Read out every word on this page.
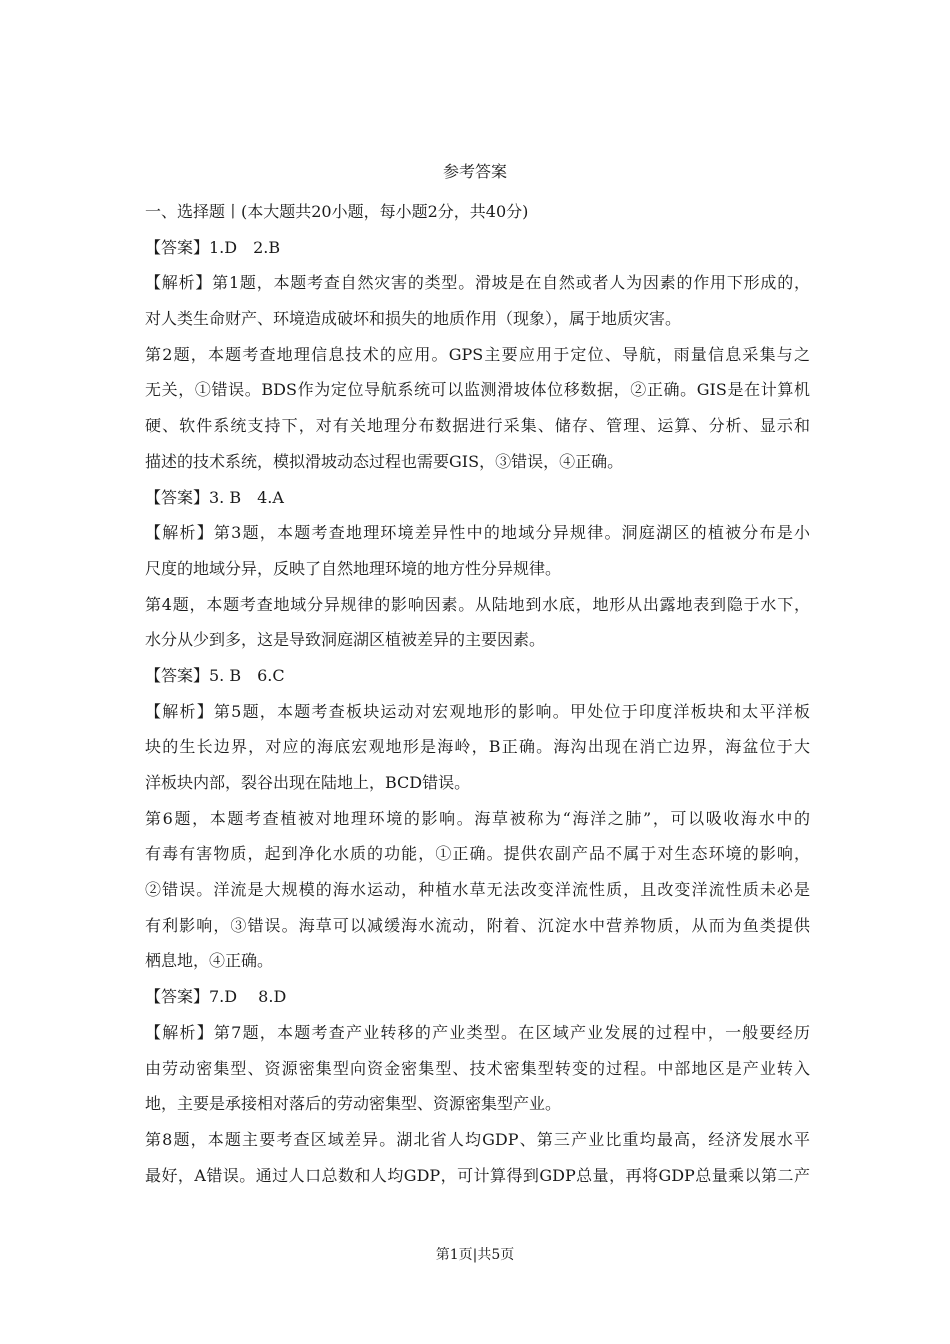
参考答案
一、选择题丨(本大题共20小题，每小题2分，共40分)
【答案】1.D　2.B
【解析】第1题，本题考查自然灾害的类型。滑坡是在自然或者人为因素的作用下形成的，
对人类生命财产、环境造成破坏和损失的地质作用（现象），属于地质灾害。
第2题，本题考查地理信息技术的应用。GPS主要应用于定位、导航，雨量信息采集与之
无关，①错误。BDS作为定位导航系统可以监测滑坡体位移数据，②正确。GIS是在计算机
硬、软件系统支持下，对有关地理分布数据进行采集、储存、管理、运算、分析、显示和
描述的技术系统，模拟滑坡动态过程也需要GIS，③错误，④正确。
【答案】3. B　4.A
【解析】第3题，本题考查地理环境差异性中的地域分异规律。洞庭湖区的植被分布是小
尺度的地域分异，反映了自然地理环境的地方性分异规律。
第4题，本题考查地域分异规律的影响因素。从陆地到水底，地形从出露地表到隐于水下，
水分从少到多，这是导致洞庭湖区植被差异的主要因素。
【答案】5. B　6.C
【解析】第5题，本题考查板块运动对宏观地形的影响。甲处位于印度洋板块和太平洋板
块的生长边界，对应的海底宏观地形是海岭，B正确。海沟出现在消亡边界，海盆位于大
洋板块内部，裂谷出现在陆地上，BCD错误。
第6题，本题考查植被对地理环境的影响。海草被称为“海洋之肺”，可以吸收海水中的
有毒有害物质，起到净化水质的功能，①正确。提供农副产品不属于对生态环境的影响，
②错误。洋流是大规模的海水运动，种植水草无法改变洋流性质，且改变洋流性质未必是
有利影响，③错误。海草可以减缓海水流动，附着、沉淀水中营养物质，从而为鱼类提供
栖息地，④正确。
【答案】7.D　 8.D
【解析】第7题，本题考查产业转移的产业类型。在区域产业发展的过程中，一般要经历
由劳动密集型、资源密集型向资金密集型、技术密集型转变的过程。中部地区是产业转入
地，主要是承接相对落后的劳动密集型、资源密集型产业。
第8题，本题主要考查区域差异。湖北省人均GDP、第三产业比重均最高，经济发展水平
最好，A错误。通过人口总数和人均GDP，可计算得到GDP总量，再将GDP总量乘以第二产
第1页|共5页
